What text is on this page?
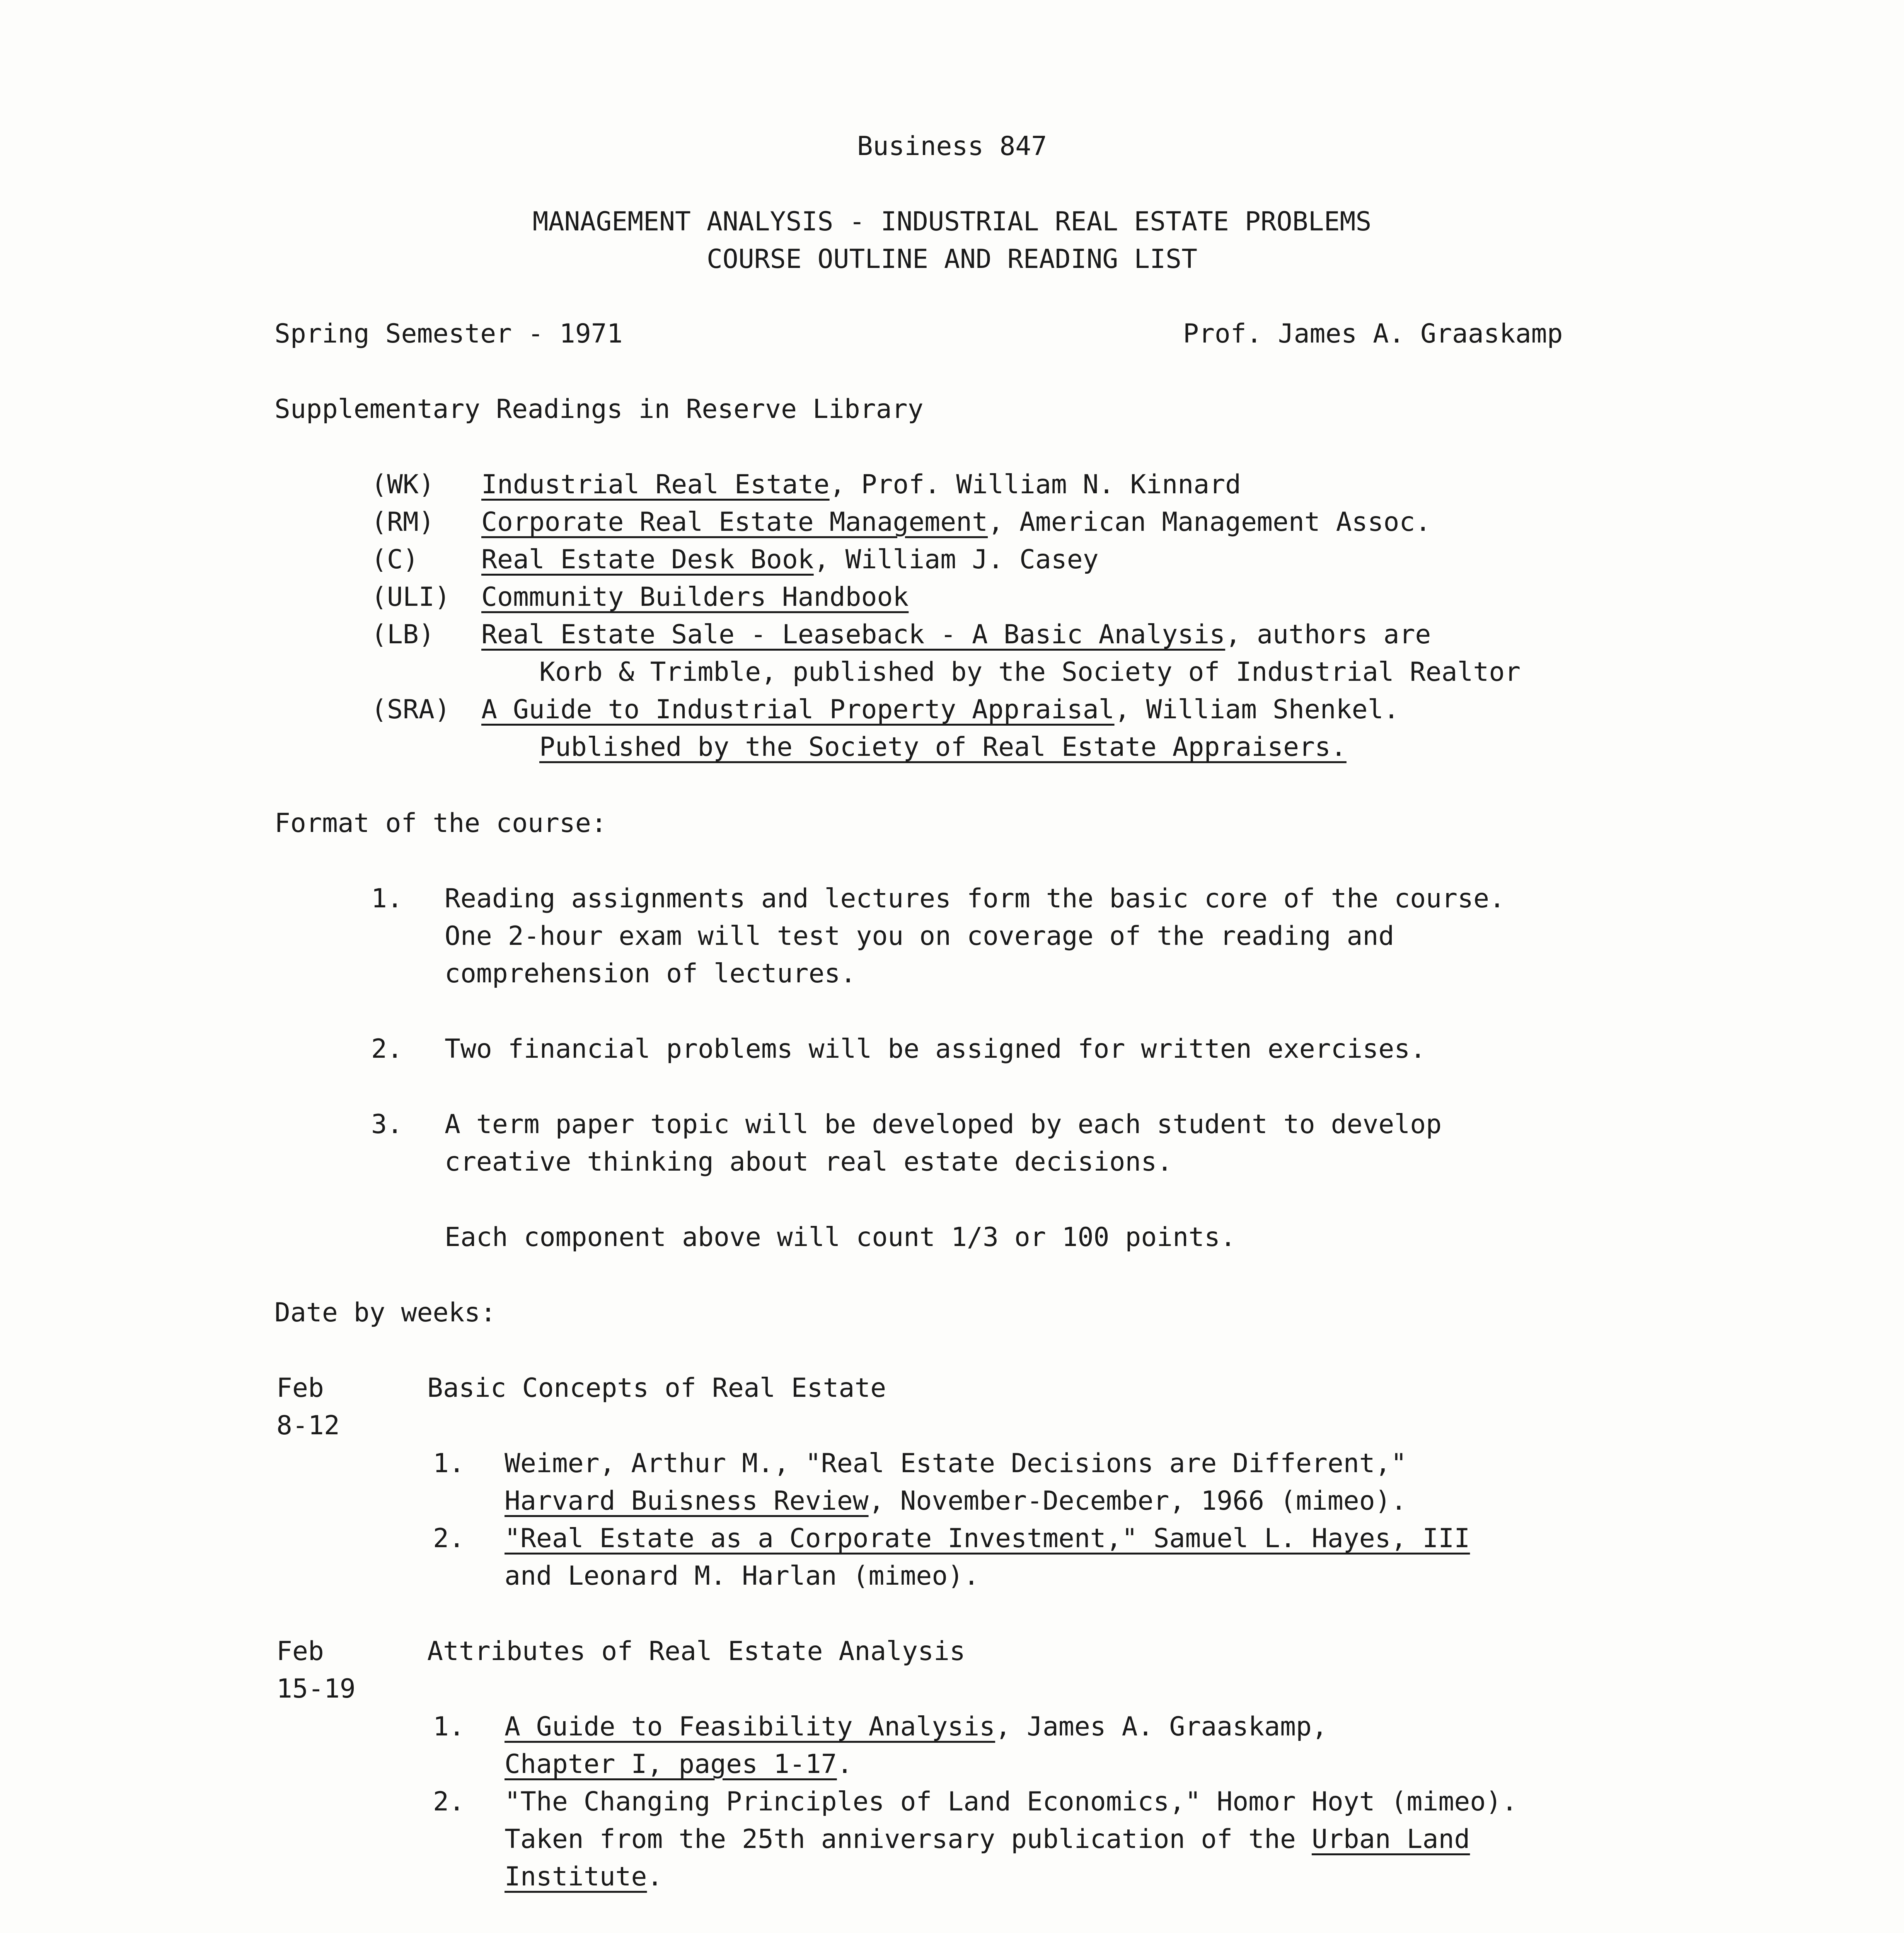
Business 847
MANAGEMENT ANALYSIS - INDUSTRIAL REAL ESTATE PROBLEMS
COURSE OUTLINE AND READING LIST
Spring Semester - 1971	Prof. James A. Graaskamp
Supplementary Readings in Reserve Library
(WK) Industrial Real Estate, Prof. William N. Kinnard
(RM) Corporate Real Estate Management, American Management Assoc.
(C) Real Estate Desk Book, William J. Casey
(ULI) Community Builders Handbook
(LB) Real Estate Sale - Leaseback - A Basic Analysis, authors are
Korb & Trimble, published by the Society of Industrial Realtor
(SRA) A Guide to Industrial Property Appraisal, William Shenkel.
Published by the Society of Real Estate Appraisers.
Format of the course:
1. Reading assignments and lectures form the basic core of the course.
One 2-hour exam will test you on coverage of the reading and
comprehension of lectures.
2. Two financial problems will be assigned for written exercises.
3. A term paper topic will be developed by each student to develop
creative thinking about real estate decisions.
Each component above will count 1/3 or 100 points.
Date by weeks:
Feb
8-12
Basic Concepts of Real Estate
1. Weimer, Arthur M., "Real Estate Decisions are Different,"
Harvard Buisness Review, November-December, 1966 (mimeo).
2. "Real Estate as a Corporate Investment," Samuel L. Hayes, III
and Leonard M. Harlan (mimeo).
Feb
15-19
Attributes of Real Estate Analysis
1. A Guide to Feasibility Analysis, James A. Graaskamp,
Chapter I, pages 1-17.
2. "The Changing Principles of Land Economics," Homor Hoyt (mimeo).
Taken from the 25th anniversary publication of the Urban Land
Institute.
